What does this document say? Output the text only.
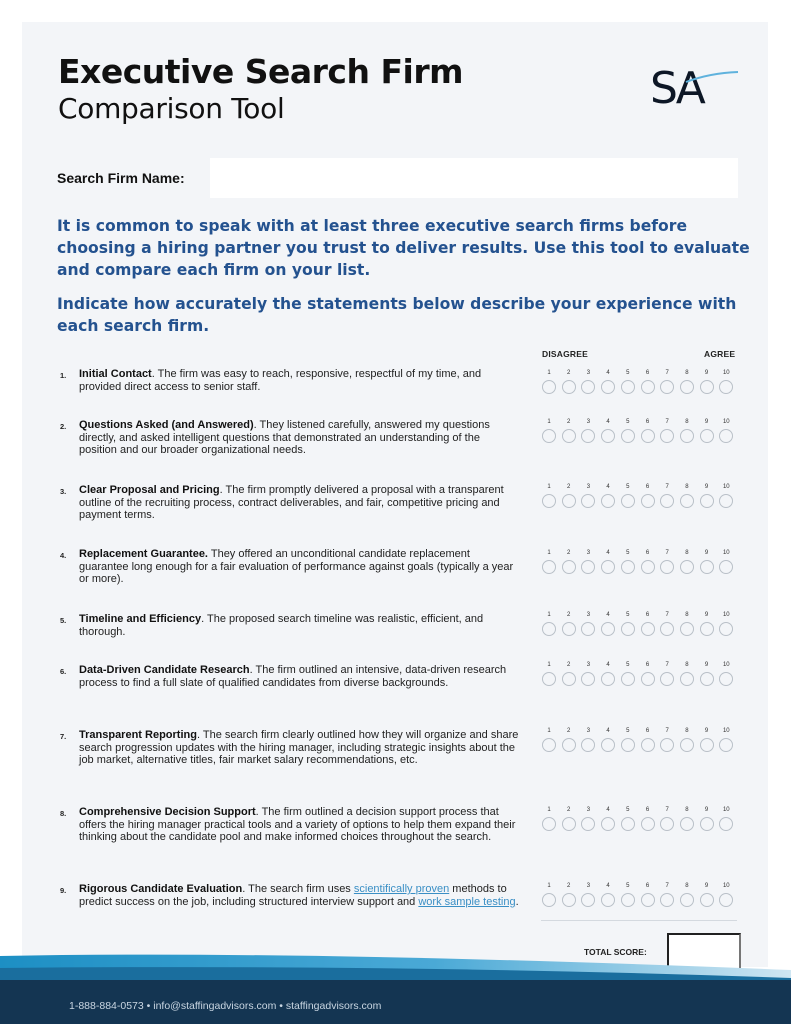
Executive Search Firm
Comparison Tool	SA
Search Firm Name:

It is common to speak with at least three executive search firms before choosing a hiring partner you trust to deliver results. Use this tool to evaluate and compare each firm on your list.

Indicate how accurately the statements below describe your experience with each search firm.

DISAGREE	AGREE
1. Initial Contact. The firm was easy to reach, responsive, respectful of my time, and provided direct access to senior staff.
1	2	3	4	5	6	7	8	9	10
2. Questions Asked (and Answered). They listened carefully, answered my questions directly, and asked intelligent questions that demonstrated an understanding of the position and our broader organizational needs.
1	2	3	4	5	6	7	8	9	10
3. Clear Proposal and Pricing. The firm promptly delivered a proposal with a transparent outline of the recruiting process, contract deliverables, and fair, competitive pricing and payment terms.
1	2	3	4	5	6	7	8	9	10
4. Replacement Guarantee. They offered an unconditional candidate replacement guarantee long enough for a fair evaluation of performance against goals (typically a year or more).
1	2	3	4	5	6	7	8	9	10
5. Timeline and Efficiency. The proposed search timeline was realistic, efficient, and thorough.
1	2	3	4	5	6	7	8	9	10
6. Data-Driven Candidate Research. The firm outlined an intensive, data-driven research process to find a full slate of qualified candidates from diverse backgrounds.
1	2	3	4	5	6	7	8	9	10
7. Transparent Reporting. The search firm clearly outlined how they will organize and share search progression updates with the hiring manager, including strategic insights about the job market, alternative titles, fair market salary recommendations, etc.
1	2	3	4	5	6	7	8	9	10
8. Comprehensive Decision Support. The firm outlined a decision support process that offers the hiring manager practical tools and a variety of options to help them expand their thinking about the candidate pool and make informed choices throughout the search.
1	2	3	4	5	6	7	8	9	10
9. Rigorous Candidate Evaluation. The search firm uses scientifically proven methods to predict success on the job, including structured interview support and work sample testing.
1	2	3	4	5	6	7	8	9	10
TOTAL SCORE:
1-888-884-0573 • info@staffingadvisors.com • staffingadvisors.com
